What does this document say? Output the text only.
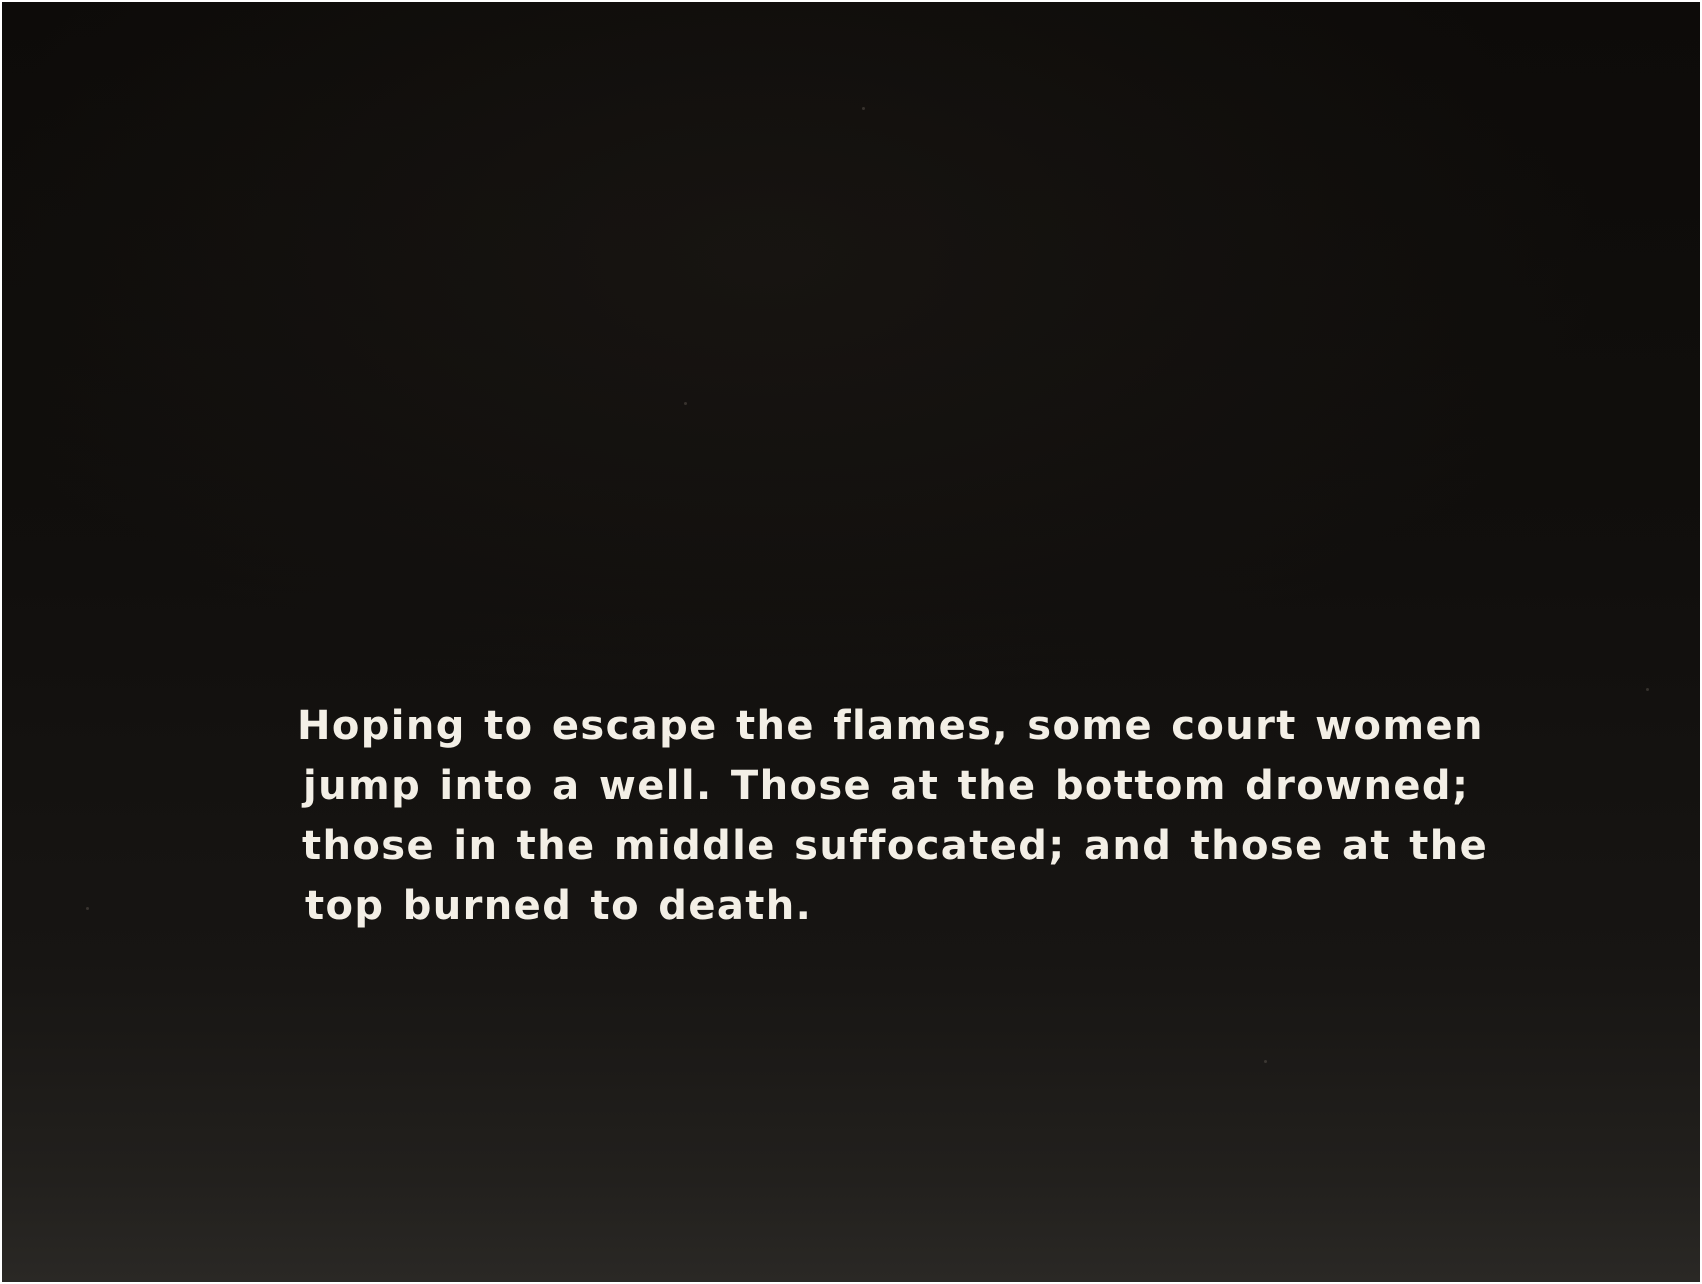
Hoping to escape the flames, some court women
jump into a well. Those at the bottom drowned;
those in the middle suffocated; and those at the
top burned to death.
